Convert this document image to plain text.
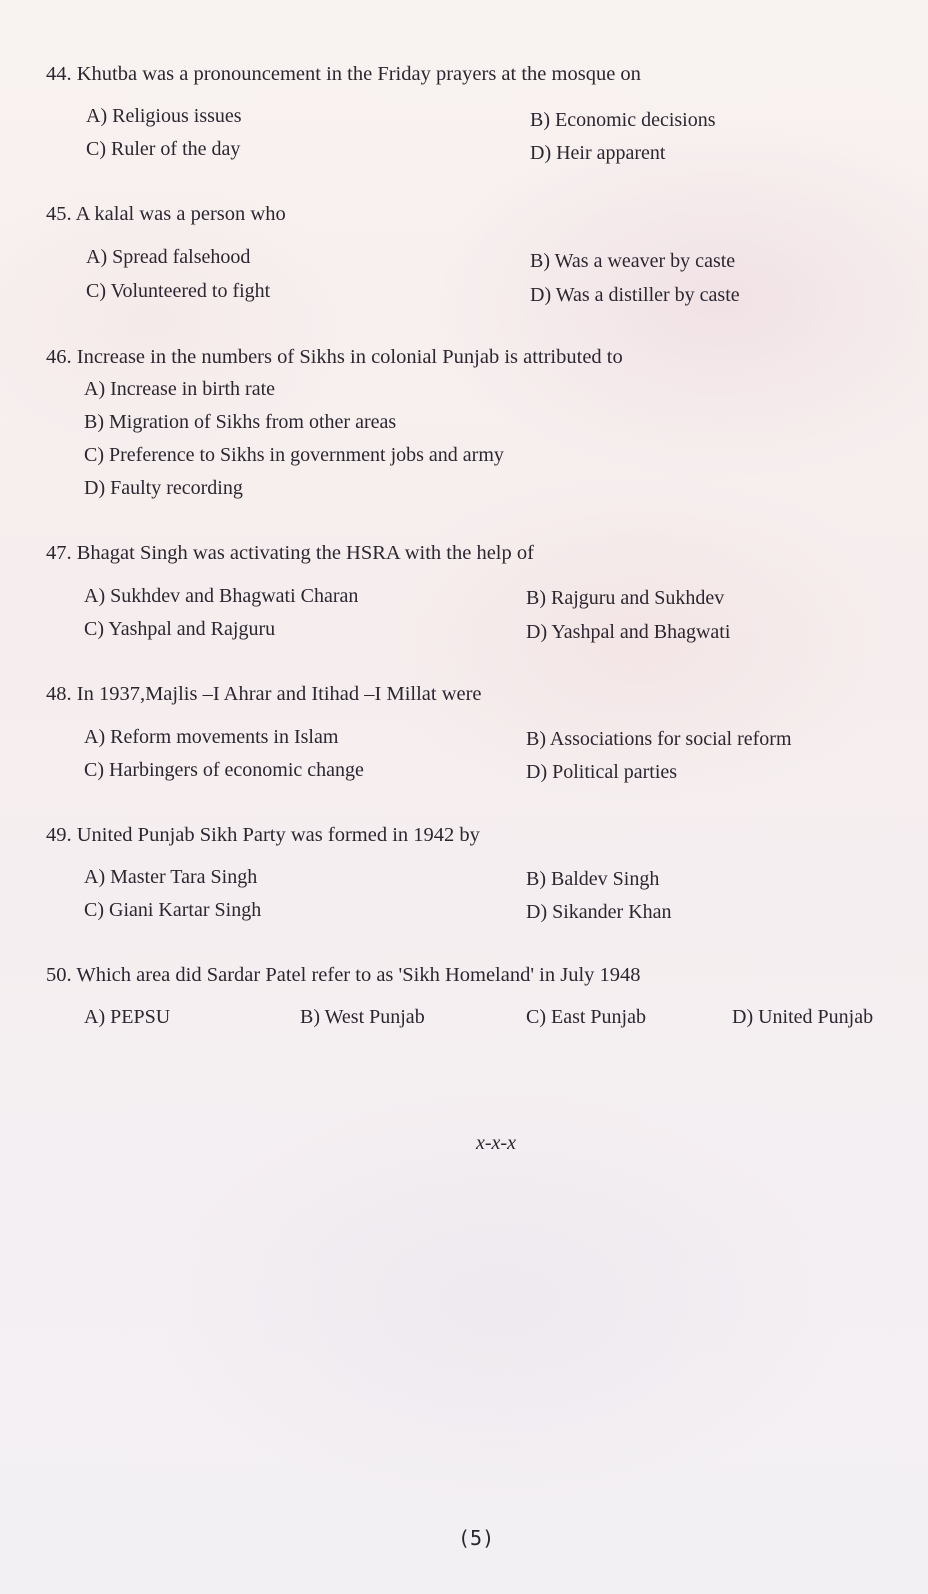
44. Khutba was a pronouncement in the Friday prayers at the mosque on
A) Religious issues	B) Economic decisions
C) Ruler of the day	D) Heir apparent
45. A kalal was a person who
A) Spread falsehood	B) Was a weaver by caste
C) Volunteered to fight	D) Was a distiller by caste
46. Increase in the numbers of Sikhs in colonial Punjab is attributed to
A) Increase in birth rate
B) Migration of Sikhs from other areas
C) Preference to Sikhs in government jobs and army
D) Faulty recording
47. Bhagat Singh was activating the HSRA with the help of
A) Sukhdev and Bhagwati Charan	B) Rajguru and Sukhdev
C) Yashpal and Rajguru	D) Yashpal and Bhagwati
48. In 1937,Majlis –I Ahrar and Itihad –I Millat were
A) Reform movements in Islam	B) Associations for social reform
C) Harbingers of economic change	D) Political parties
49. United Punjab Sikh Party was formed in 1942 by
A) Master Tara Singh	B) Baldev Singh
C) Giani Kartar Singh	D) Sikander Khan
50. Which area did Sardar Patel refer to as 'Sikh Homeland' in July 1948
A) PEPSU	B) West Punjab	C) East Punjab	D) United Punjab
x-x-x
(5)
